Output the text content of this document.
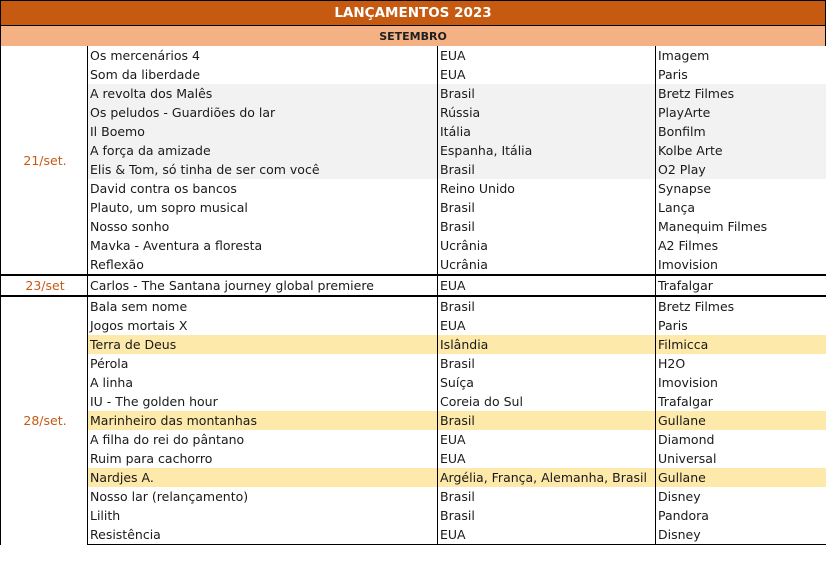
LANÇAMENTOS 2023
SETEMBRO
21/set.	Os mercenários 4	EUA	Imagem
	Som da liberdade	EUA	Paris
	A revolta dos Malês	Brasil	Bretz Filmes
	Os peludos - Guardiões do lar	Rússia	PlayArte
	Il Boemo	Itália	Bonfilm
	A força da amizade	Espanha, Itália	Kolbe Arte
	Elis & Tom, só tinha de ser com você	Brasil	O2 Play
	David contra os bancos	Reino Unido	Synapse
	Plauto, um sopro musical	Brasil	Lança
	Nosso sonho	Brasil	Manequim Filmes
	Mavka - Aventura a floresta	Ucrânia	A2 Filmes
	Reflexão	Ucrânia	Imovision
23/set	Carlos - The Santana journey global premiere	EUA	Trafalgar
28/set.	Bala sem nome	Brasil	Bretz Filmes
	Jogos mortais X	EUA	Paris
	Terra de Deus	Islândia	Filmicca
	Pérola	Brasil	H2O
	A linha	Suíça	Imovision
	IU - The golden hour	Coreia do Sul	Trafalgar
	Marinheiro das montanhas	Brasil	Gullane
	A filha do rei do pântano	EUA	Diamond
	Ruim para cachorro	EUA	Universal
	Nardjes A.	Argélia, França, Alemanha, Brasil	Gullane
	Nosso lar (relançamento)	Brasil	Disney
	Lilith	Brasil	Pandora
	Resistência	EUA	Disney
